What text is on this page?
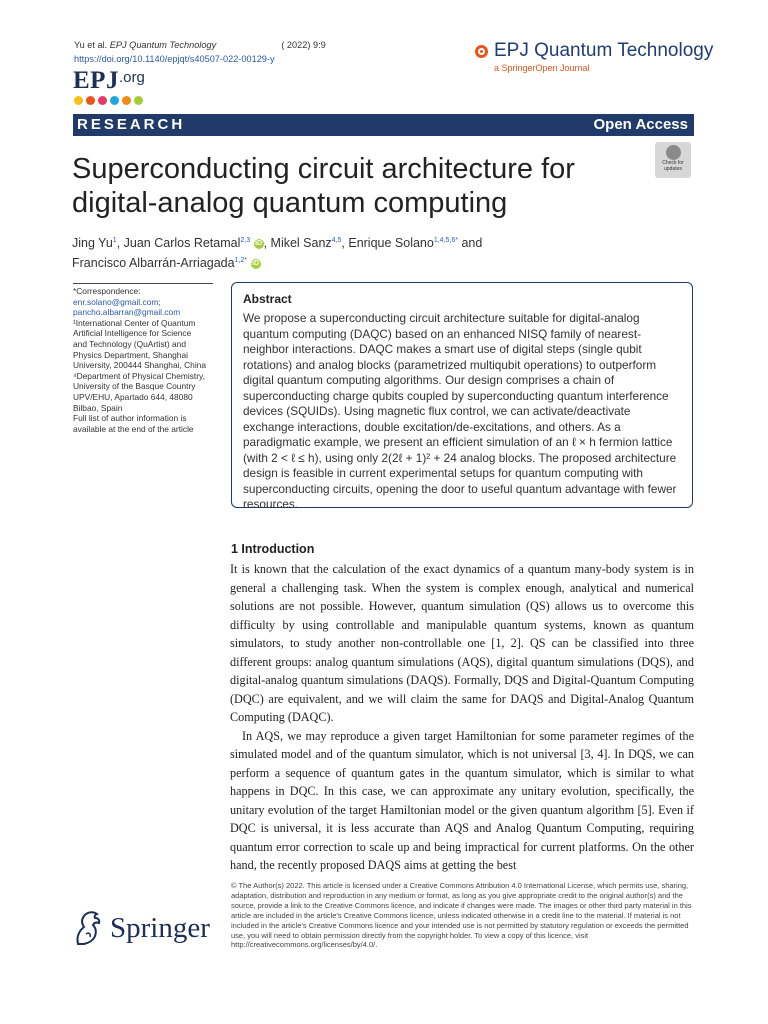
Yu et al. EPJ Quantum Technology	( 2022) 9:9
https://doi.org/10.1140/epjqt/s40507-022-00129-y
EPJ.org
EPJ Quantum Technology
a SpringerOpen Journal
RESEARCH	Open Access
Superconducting circuit architecture for
digital-analog quantum computing
Check for
updates
Jing Yu$^1$, Juan Carlos Retamal$^{2,3}$ iD , Mikel Sanz$^{4,5}$, Enrique Solano$^{1,4,5,6*}$ and
Francisco Albarrán-Arriagada$^{1,2*}$ iD
*Correspondence:
enr.solano@gmail.com;
pancho.albarran@gmail.com
¹International Center of Quantum
Artificial Intelligence for Science
and Technology (QuArtist) and
Physics Department, Shanghai
University, 200444 Shanghai, China
⁴Department of Physical Chemistry,
University of the Basque Country
UPV/EHU, Apartado 644, 48080
Bilbao, Spain
Full list of author information is
available at the end of the article
Abstract
We propose a superconducting circuit architecture suitable for digital-analog quantum computing (DAQC) based on an enhanced NISQ family of nearest-neighbor interactions. DAQC makes a smart use of digital steps (single qubit rotations) and analog blocks (parametrized multiqubit operations) to outperform digital quantum computing algorithms. Our design comprises a chain of superconducting charge qubits coupled by superconducting quantum interference devices (SQUIDs). Using magnetic flux control, we can activate/deactivate exchange interactions, double excitation/de-excitations, and others. As a paradigmatic example, we present an efficient simulation of an ℓ × h fermion lattice (with 2 < ℓ ≤ h), using only 2(2ℓ + 1)² + 24 analog blocks. The proposed architecture design is feasible in current experimental setups for quantum computing with superconducting circuits, opening the door to useful quantum advantage with fewer resources.
1 Introduction

It is known that the calculation of the exact dynamics of a quantum many-body system is in general a challenging task. When the system is complex enough, analytical and numerical solutions are not possible. However, quantum simulation (QS) allows us to overcome this difficulty by using controllable and manipulable quantum systems, known as quantum simulators, to study another non-controllable one [1, 2]. QS can be classified into three different groups: analog quantum simulations (AQS), digital quantum simulations (DQS), and digital-analog quantum simulations (DAQS). Formally, DQS and Digital-Quantum Computing (DQC) are equivalent, and we will claim the same for DAQS and Digital-Analog Quantum Computing (DAQC).

In AQS, we may reproduce a given target Hamiltonian for some parameter regimes of the simulated model and of the quantum simulator, which is not universal [3, 4]. In DQS, we can perform a sequence of quantum gates in the quantum simulator, which is similar to what happens in DQC. In this case, we can approximate any unitary evolution, specifically, the unitary evolution of the target Hamiltonian model or the given quantum algorithm [5]. Even if DQC is universal, it is less accurate than AQS and Analog Quantum Computing, requiring quantum error correction to scale up and being impractical for current platforms. On the other hand, the recently proposed DAQS aims at getting the best

Springer
© The Author(s) 2022. This article is licensed under a Creative Commons Attribution 4.0 International License, which permits use, sharing, adaptation, distribution and reproduction in any medium or format, as long as you give appropriate credit to the original author(s) and the source, provide a link to the Creative Commons licence, and indicate if changes were made. The images or other third party material in this article are included in the article's Creative Commons licence, unless indicated otherwise in a credit line to the material. If material is not included in the article's Creative Commons licence and your intended use is not permitted by statutory regulation or exceeds the permitted use, you will need to obtain permission directly from the copyright holder. To view a copy of this licence, visit http://creativecommons.org/licenses/by/4.0/.
